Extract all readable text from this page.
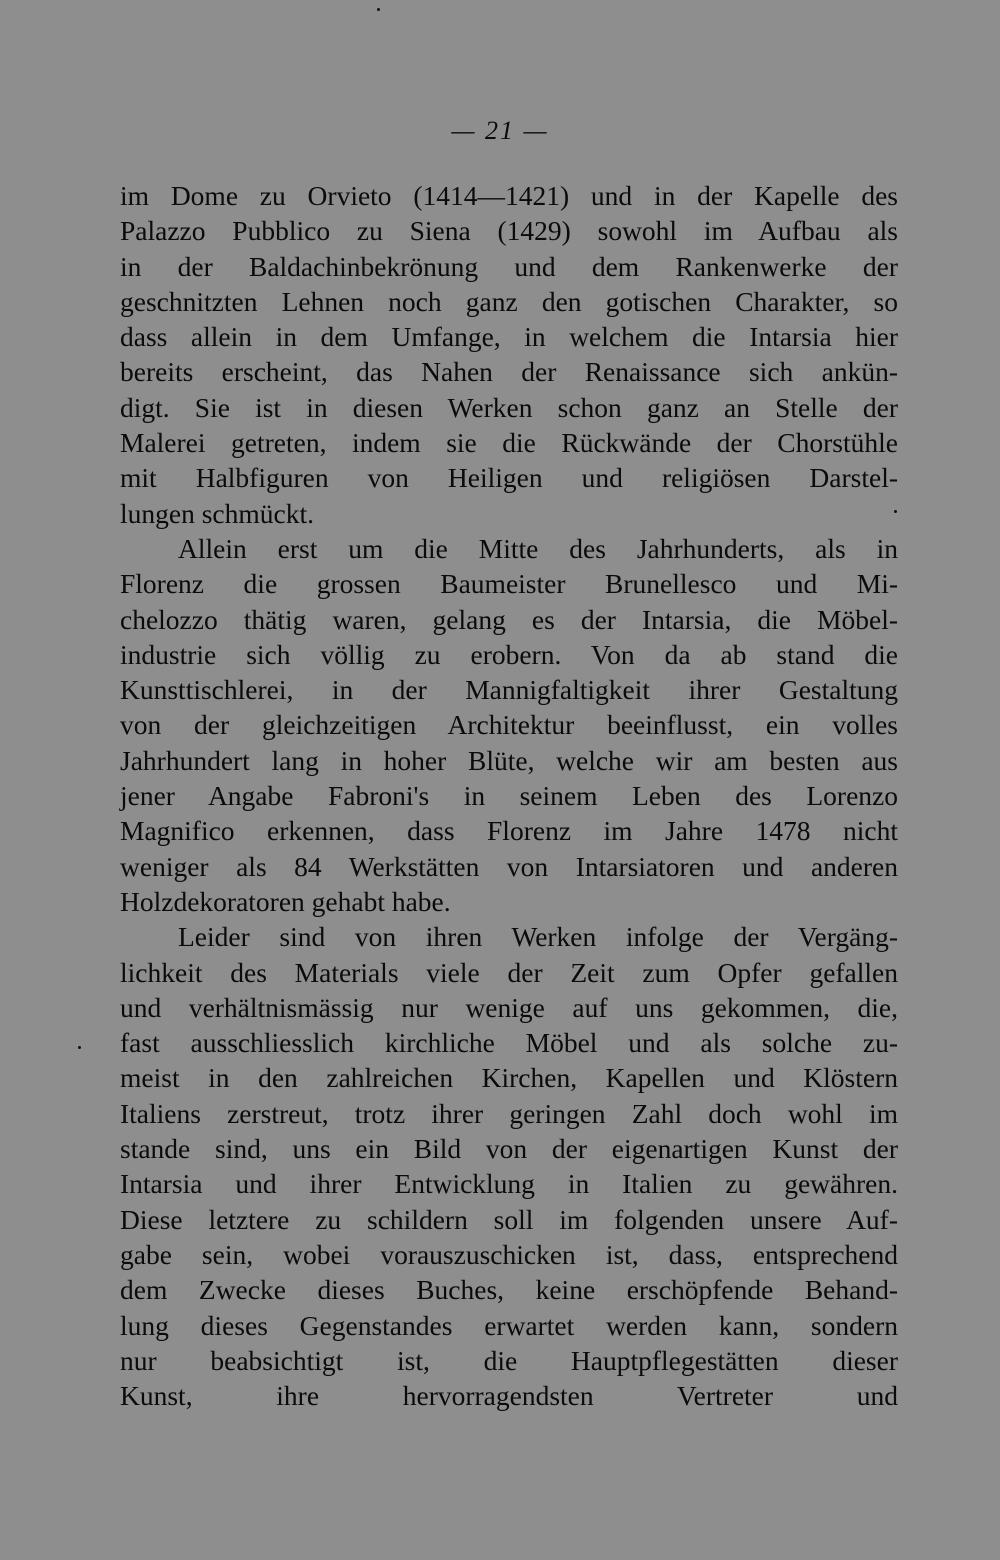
— 21 —
im Dome zu Orvieto (1414—1421) und in der Kapelle des
Palazzo Pubblico zu Siena (1429) sowohl im Aufbau als
in der Baldachinbekrönung und dem Rankenwerke der
geschnitzten Lehnen noch ganz den gotischen Charakter, so
dass allein in dem Umfange, in welchem die Intarsia hier
bereits erscheint, das Nahen der Renaissance sich ankün-
digt. Sie ist in diesen Werken schon ganz an Stelle der
Malerei getreten, indem sie die Rückwände der Chorstühle
mit Halbfiguren von Heiligen und religiösen Darstel-
lungen schmückt.
Allein erst um die Mitte des Jahrhunderts, als in
Florenz die grossen Baumeister Brunellesco und Mi-
chelozzo thätig waren, gelang es der Intarsia, die Möbel-
industrie sich völlig zu erobern. Von da ab stand die
Kunsttischlerei, in der Mannigfaltigkeit ihrer Gestaltung
von der gleichzeitigen Architektur beeinflusst, ein volles
Jahrhundert lang in hoher Blüte, welche wir am besten aus
jener Angabe Fabroni's in seinem Leben des Lorenzo
Magnifico erkennen, dass Florenz im Jahre 1478 nicht
weniger als 84 Werkstätten von Intarsiatoren und anderen
Holzdekoratoren gehabt habe.
Leider sind von ihren Werken infolge der Vergäng-
lichkeit des Materials viele der Zeit zum Opfer gefallen
und verhältnismässig nur wenige auf uns gekommen, die,
fast ausschliesslich kirchliche Möbel und als solche zu-
meist in den zahlreichen Kirchen, Kapellen und Klöstern
Italiens zerstreut, trotz ihrer geringen Zahl doch wohl im
stande sind, uns ein Bild von der eigenartigen Kunst der
Intarsia und ihrer Entwicklung in Italien zu gewähren.
Diese letztere zu schildern soll im folgenden unsere Auf-
gabe sein, wobei vorauszuschicken ist, dass, entsprechend
dem Zwecke dieses Buches, keine erschöpfende Behand-
lung dieses Gegenstandes erwartet werden kann, sondern
nur beabsichtigt ist, die Hauptpflegestätten dieser
Kunst, ihre hervorragendsten Vertreter und
